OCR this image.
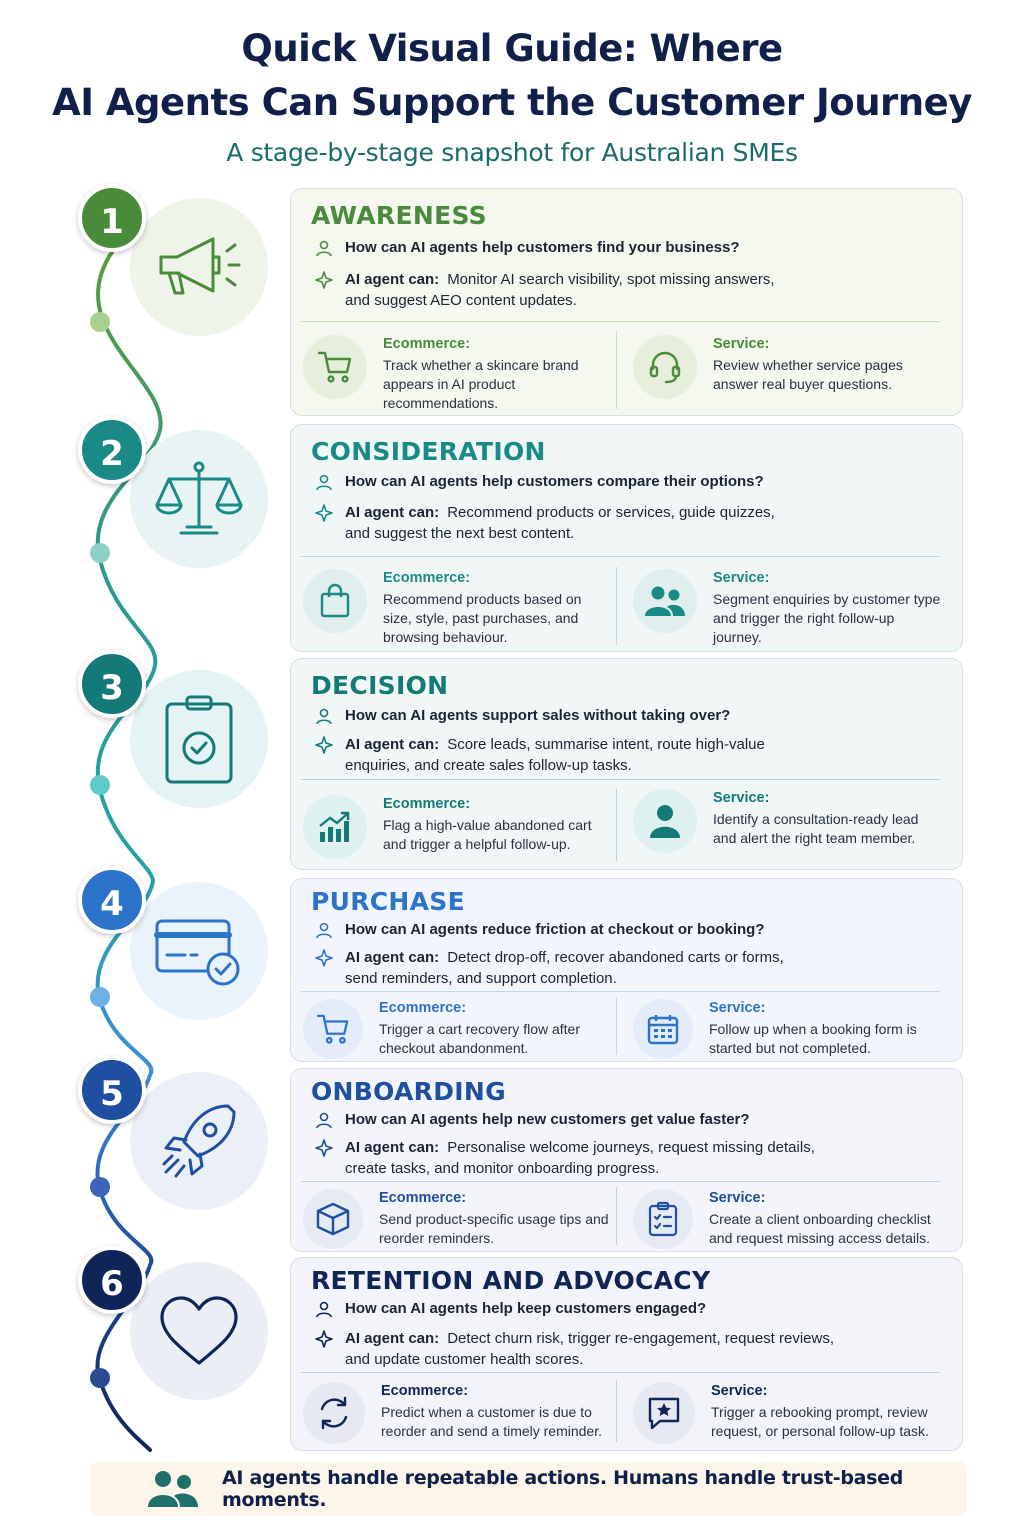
Quick Visual Guide: Where
AI Agents Can Support the Customer Journey
A stage-by-stage snapshot for Australian SMEs
1	AWARENESS
How can AI agents help customers find your business?
AI agent can: Monitor AI search visibility, spot missing answers,
and suggest AEO content updates.
Ecommerce:
Track whether a skincare brand appears in AI product recommendations.
Service:
Review whether service pages answer real buyer questions.
2	CONSIDERATION
How can AI agents help customers compare their options?
AI agent can: Recommend products or services, guide quizzes,
and suggest the next best content.
Ecommerce:
Recommend products based on size, style, past purchases, and browsing behaviour.
Service:
Segment enquiries by customer type and trigger the right follow-up journey.
3	DECISION
How can AI agents support sales without taking over?
AI agent can: Score leads, summarise intent, route high-value
enquiries, and create sales follow-up tasks.
Ecommerce:
Flag a high-value abandoned cart and trigger a helpful follow-up.
Service:
Identify a consultation-ready lead and alert the right team member.
4	PURCHASE
How can AI agents reduce friction at checkout or booking?
AI agent can: Detect drop-off, recover abandoned carts or forms,
send reminders, and support completion.
Ecommerce:
Trigger a cart recovery flow after checkout abandonment.
Service:
Follow up when a booking form is started but not completed.
5	ONBOARDING
How can AI agents help new customers get value faster?
AI agent can: Personalise welcome journeys, request missing details,
create tasks, and monitor onboarding progress.
Ecommerce:
Send product-specific usage tips and reorder reminders.
Service:
Create a client onboarding checklist and request missing access details.
6	RETENTION AND ADVOCACY
How can AI agents help keep customers engaged?
AI agent can: Detect churn risk, trigger re-engagement, request reviews,
and update customer health scores.
Ecommerce:
Predict when a customer is due to reorder and send a timely reminder.
Service:
Trigger a rebooking prompt, review request, or personal follow-up task.
AI agents handle repeatable actions. Humans handle trust-based moments.
